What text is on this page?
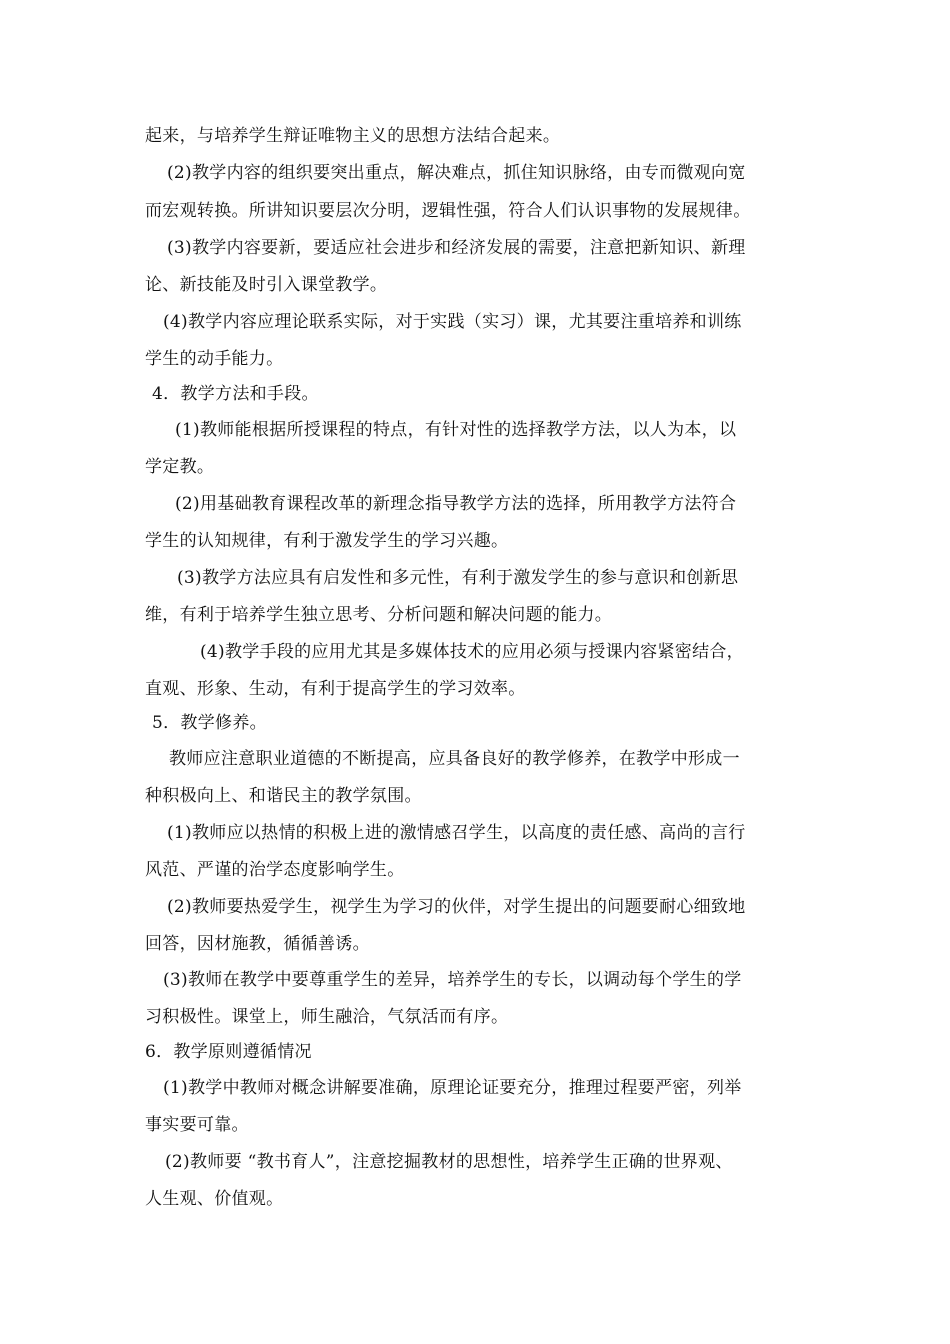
起来，与培养学生辩证唯物主义的思想方法结合起来。
(2)教学内容的组织要突出重点，解决难点，抓住知识脉络，由专而微观向宽
而宏观转换。所讲知识要层次分明，逻辑性强，符合人们认识事物的发展规律。
(3)教学内容要新，要适应社会进步和经济发展的需要，注意把新知识、新理
论、新技能及时引入课堂教学。
(4)教学内容应理论联系实际，对于实践（实习）课，尤其要注重培养和训练
学生的动手能力。
4．教学方法和手段。
(1)教师能根据所授课程的特点，有针对性的选择教学方法，以人为本，以
学定教。
(2)用基础教育课程改革的新理念指导教学方法的选择，所用教学方法符合
学生的认知规律，有利于激发学生的学习兴趣。
(3)教学方法应具有启发性和多元性，有利于激发学生的参与意识和创新思
维，有利于培养学生独立思考、分析问题和解决问题的能力。
(4)教学手段的应用尤其是多媒体技术的应用必须与授课内容紧密结合，
直观、形象、生动，有利于提高学生的学习效率。
5．教学修养。
教师应注意职业道德的不断提高，应具备良好的教学修养，在教学中形成一
种积极向上、和谐民主的教学氛围。
(1)教师应以热情的积极上进的激情感召学生，以高度的责任感、高尚的言行
风范、严谨的治学态度影响学生。
(2)教师要热爱学生，视学生为学习的伙伴，对学生提出的问题要耐心细致地
回答，因材施教，循循善诱。
(3)教师在教学中要尊重学生的差异，培养学生的专长，以调动每个学生的学
习积极性。课堂上，师生融洽，气氛活而有序。
6．教学原则遵循情况
(1)教学中教师对概念讲解要准确，原理论证要充分，推理过程要严密，列举
事实要可靠。
(2)教师要 “教书育人”，注意挖掘教材的思想性，培养学生正确的世界观、
人生观、价值观。
